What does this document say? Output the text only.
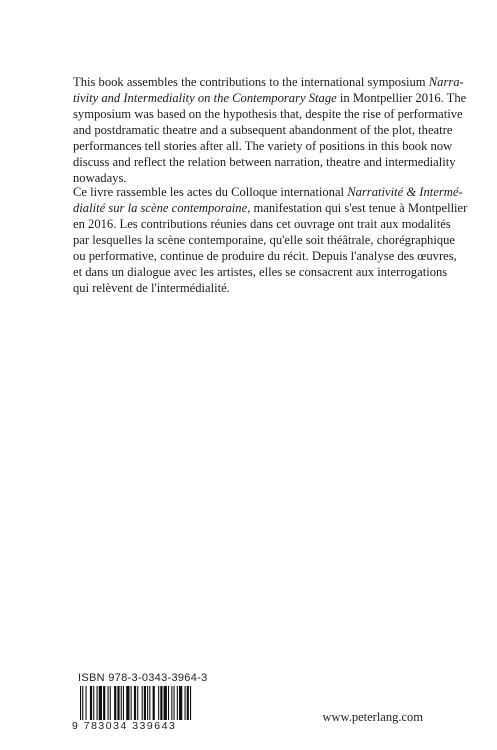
This book assembles the contributions to the international symposium Narra-
tivity and Intermediality on the Contemporary Stage in Montpellier 2016. The
symposium was based on the hypothesis that, despite the rise of performative
and postdramatic theatre and a subsequent abandonment of the plot, theatre
performances tell stories after all. The variety of positions in this book now
discuss and reflect the relation between narration, theatre and intermediality
nowadays.

Ce livre rassemble les actes du Colloque international Narrativité & Intermé-
dialité sur la scène contemporaine, manifestation qui s'est tenue à Montpellier
en 2016. Les contributions réunies dans cet ouvrage ont trait aux modalités
par lesquelles la scène contemporaine, qu'elle soit théâtrale, chorégraphique
ou performative, continue de produire du récit. Depuis l'analyse des œuvres,
et dans un dialogue avec les artistes, elles se consacrent aux interrogations
qui relèvent de l'intermédialité.

ISBN 978-3-0343-3964-3
9 783034 339643
www.peterlang.com
